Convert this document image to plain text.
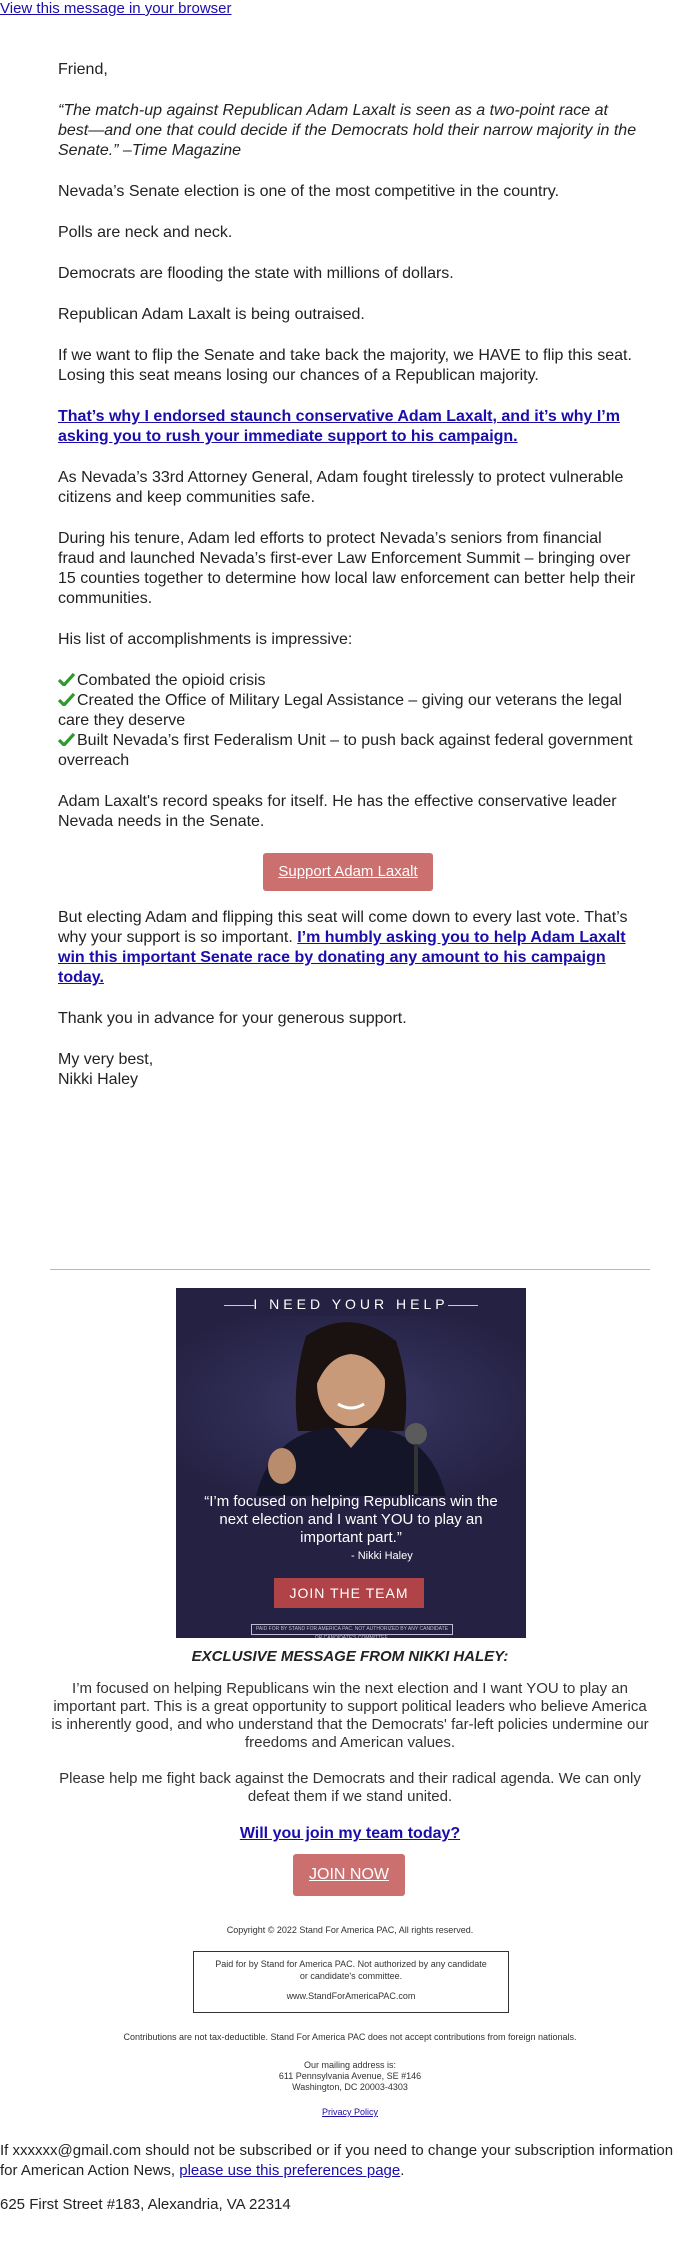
View this message in your browser

Friend,

“The match-up against Republican Adam Laxalt is seen as a two-point race at best—and one that could decide if the Democrats hold their narrow majority in the Senate.” –Time Magazine

Nevada’s Senate election is one of the most competitive in the country.

Polls are neck and neck.

Democrats are flooding the state with millions of dollars.

Republican Adam Laxalt is being outraised.

If we want to flip the Senate and take back the majority, we HAVE to flip this seat. Losing this seat means losing our chances of a Republican majority.

That’s why I endorsed staunch conservative Adam Laxalt, and it’s why I’m asking you to rush your immediate support to his campaign.

As Nevada’s 33rd Attorney General, Adam fought tirelessly to protect vulnerable citizens and keep communities safe.

During his tenure, Adam led efforts to protect Nevada’s seniors from financial fraud and launched Nevada’s first-ever Law Enforcement Summit – bringing over 15 counties together to determine how local law enforcement can better help their communities.

His list of accomplishments is impressive:

Combated the opioid crisis
Created the Office of Military Legal Assistance – giving our veterans the legal care they deserve
Built Nevada’s first Federalism Unit – to push back against federal government overreach

Adam Laxalt's record speaks for itself. He has the effective conservative leader Nevada needs in the Senate.

Support Adam Laxalt

But electing Adam and flipping this seat will come down to every last vote. That’s why your support is so important. I’m humbly asking you to help Adam Laxalt win this important Senate race by donating any amount to his campaign today.

Thank you in advance for your generous support.

My very best,

Nikki Haley

I NEED YOUR HELP
“I’m focused on helping Republicans win the next election and I want YOU to play an important part.”
- Nikki Haley
JOIN THE TEAM
PAID FOR BY STAND FOR AMERICA PAC. NOT AUTHORIZED BY ANY CANDIDATE OR CANDIDATE'S COMMITTEE.
EXCLUSIVE MESSAGE FROM NIKKI HALEY:
I’m focused on helping Republicans win the next election and I want YOU to play an important part. This is a great opportunity to support political leaders who believe America is inherently good, and who understand that the Democrats' far-left policies undermine our freedoms and American values.
Please help me fight back against the Democrats and their radical agenda. We can only defeat them if we stand united.
Will you join my team today?
JOIN NOW
Copyright © 2022 Stand For America PAC, All rights reserved.
Paid for by Stand for America PAC. Not authorized by any candidate or candidate's committee.
www.StandForAmericaPAC.com
Contributions are not tax-deductible. Stand For America PAC does not accept contributions from foreign nationals.
Our mailing address is:
611 Pennsylvania Avenue, SE #146
Washington, DC 20003-4303
Privacy Policy
If xxxxxx@gmail.com should not be subscribed or if you need to change your subscription information for American Action News, please use this preferences page.
625 First Street #183, Alexandria, VA 22314
